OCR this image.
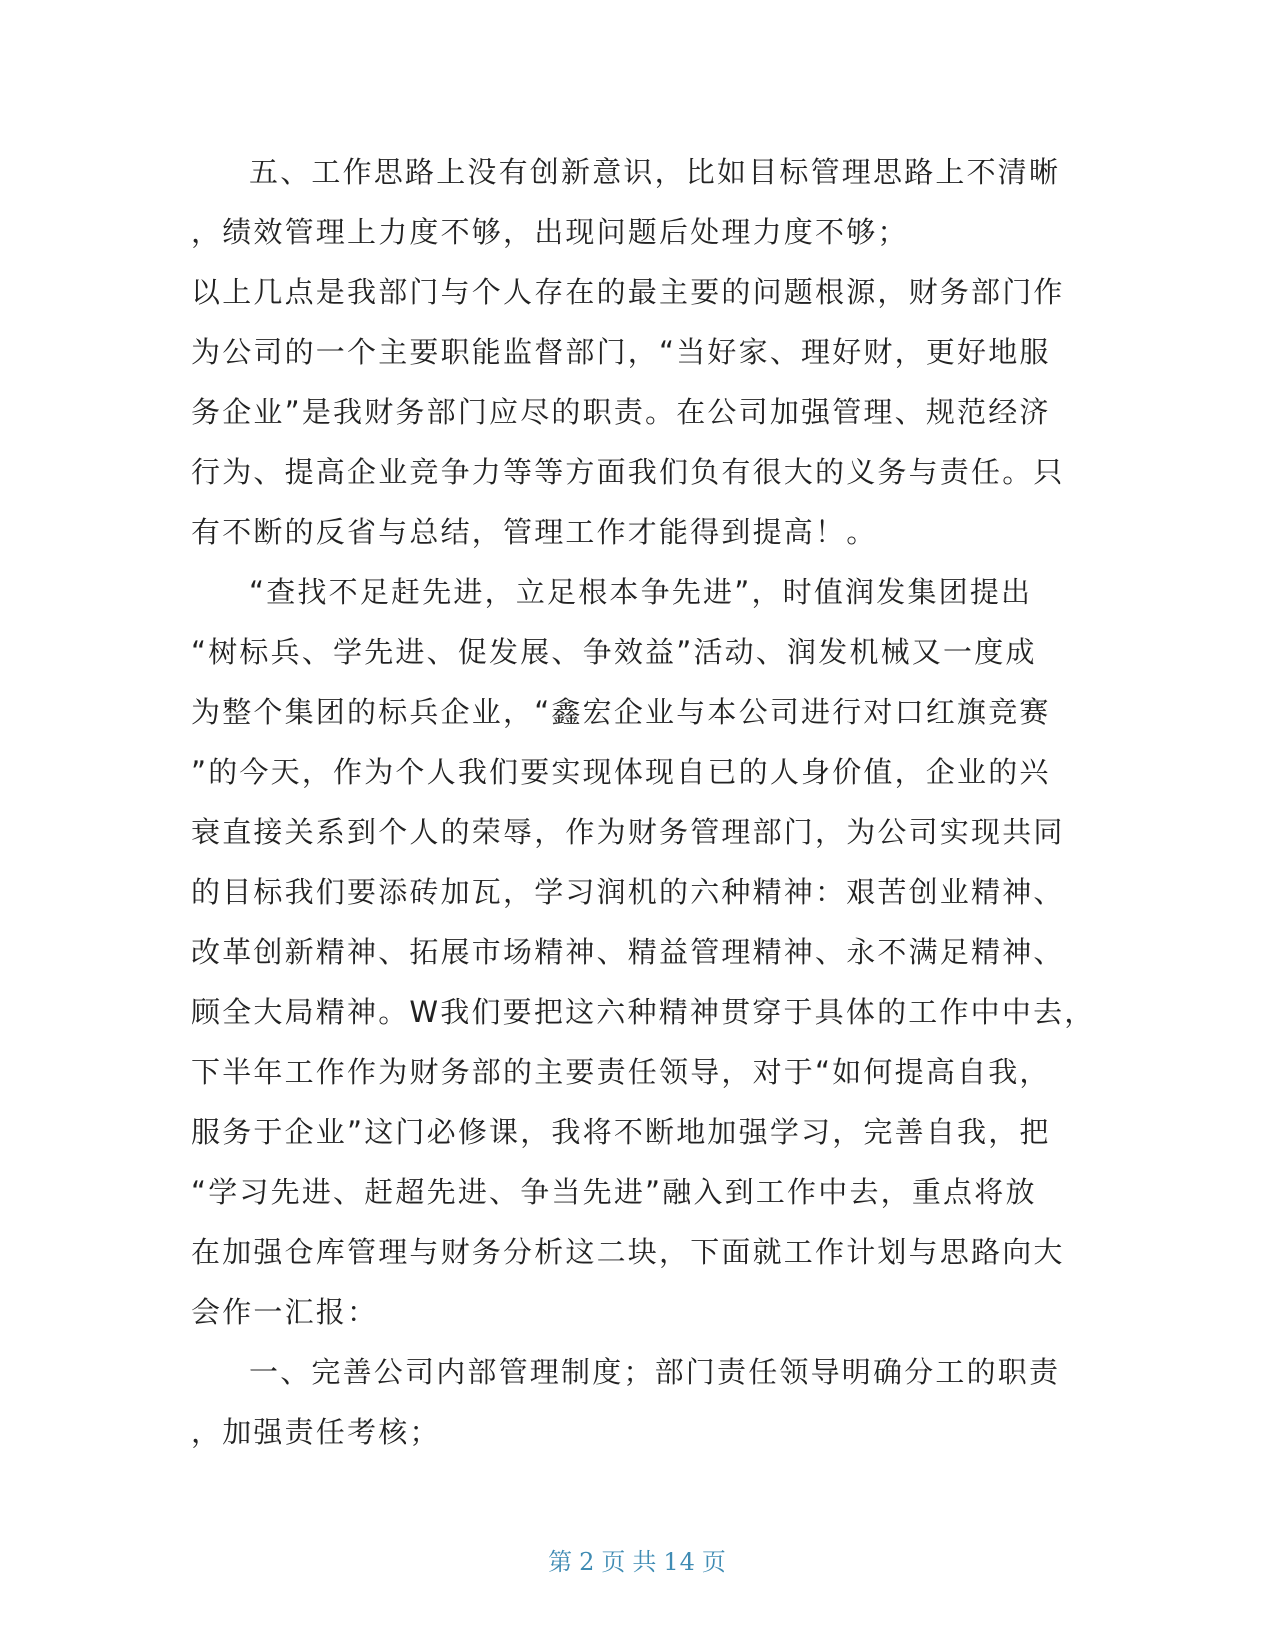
五、工作思路上没有创新意识，比如目标管理思路上不清晰
，绩效管理上力度不够，出现问题后处理力度不够；
以上几点是我部门与个人存在的最主要的问题根源，财务部门作
为公司的一个主要职能监督部门，“当好家、理好财，更好地服
务企业”是我财务部门应尽的职责。在公司加强管理、规范经济
行为、提高企业竞争力等等方面我们负有很大的义务与责任。只
有不断的反省与总结，管理工作才能得到提高！。
“查找不足赶先进，立足根本争先进”，时值润发集团提出
“树标兵、学先进、促发展、争效益”活动、润发机械又一度成
为整个集团的标兵企业，“鑫宏企业与本公司进行对口红旗竞赛
”的今天，作为个人我们要实现体现自已的人身价值，企业的兴
衰直接关系到个人的荣辱，作为财务管理部门，为公司实现共同
的目标我们要添砖加瓦，学习润机的六种精神：艰苦创业精神、
改革创新精神、拓展市场精神、精益管理精神、永不满足精神、
顾全大局精神。W我们要把这六种精神贯穿于具体的工作中中去，
下半年工作作为财务部的主要责任领导，对于“如何提高自我，
服务于企业”这门必修课，我将不断地加强学习，完善自我，把
“学习先进、赶超先进、争当先进”融入到工作中去，重点将放
在加强仓库管理与财务分析这二块，下面就工作计划与思路向大
会作一汇报：
一、完善公司内部管理制度；部门责任领导明确分工的职责
，加强责任考核；
第 2 页 共 14 页
